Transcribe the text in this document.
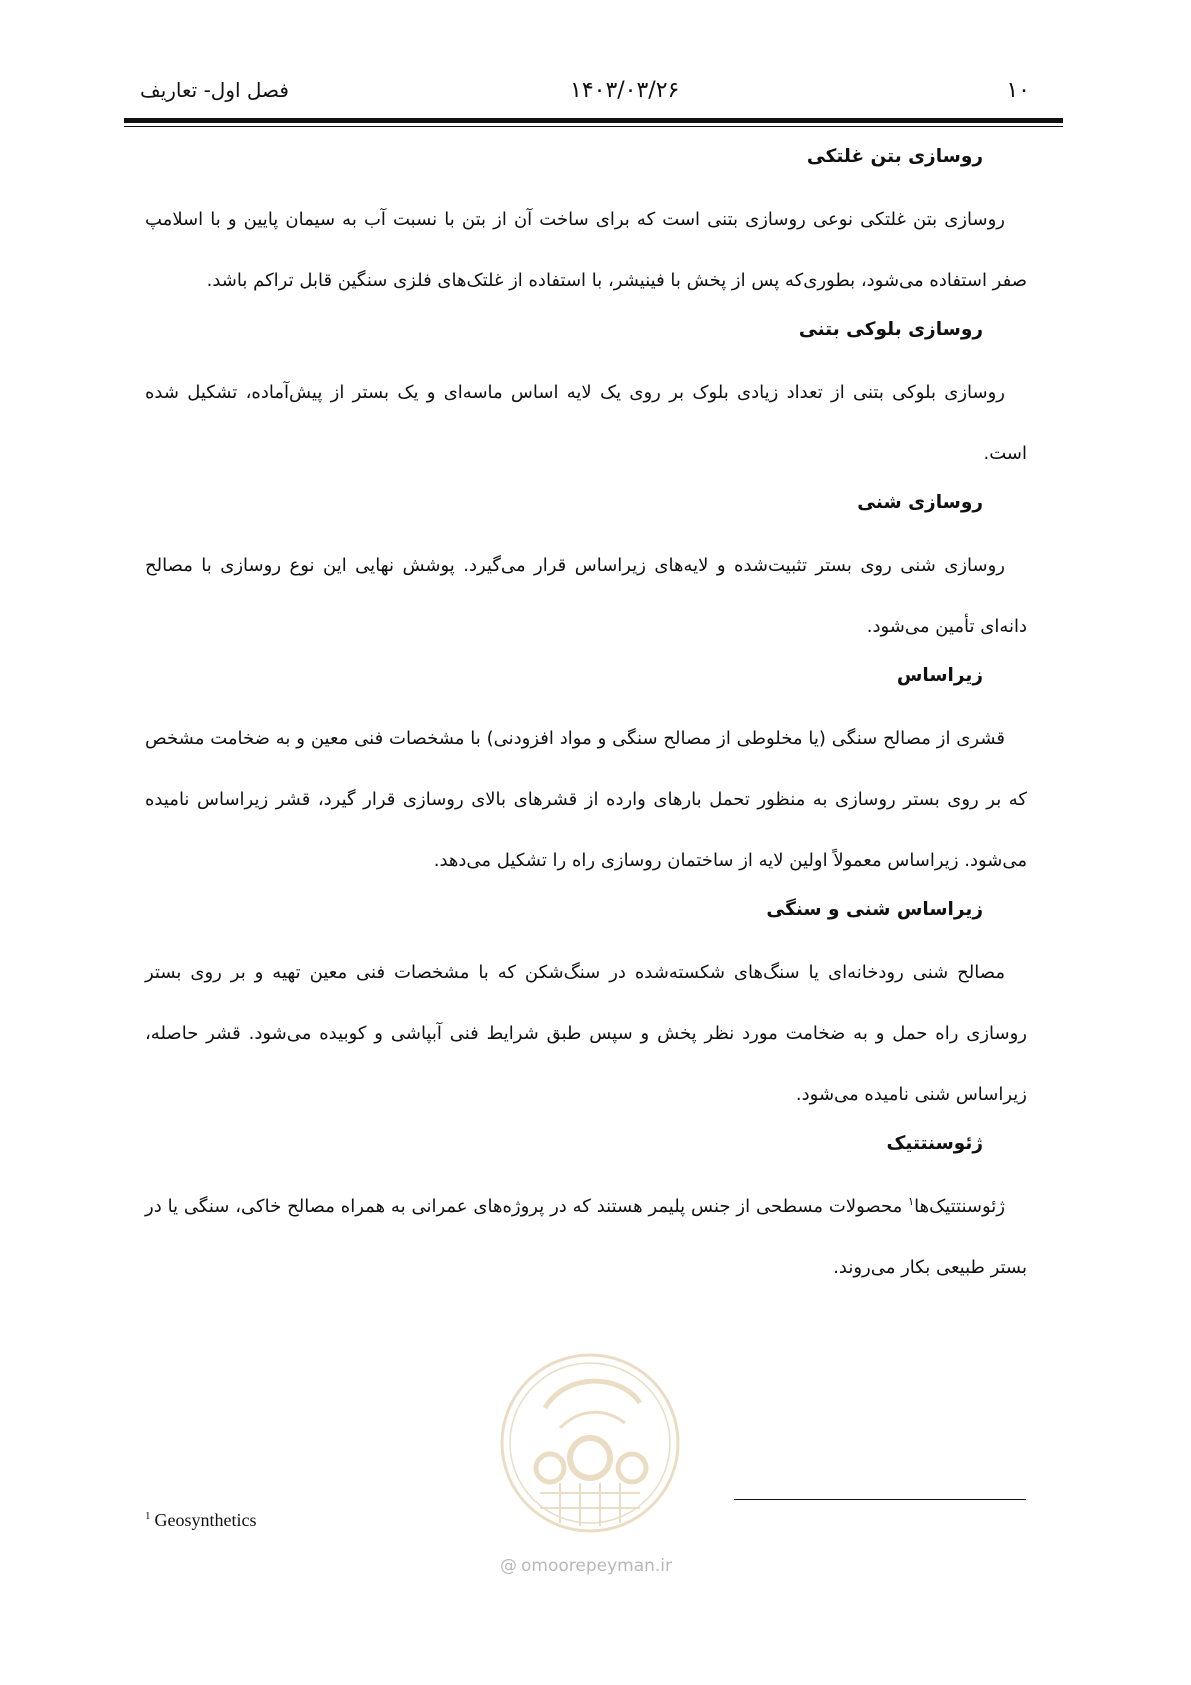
۱۰
۱۴۰۳/۰۳/۲۶
فصل اول- تعاریف
روسازی بتن غلتکی
روسازی بتن غلتکی نوعی روسازی بتنی است که برای ساخت آن از بتن با نسبت آب به سیمان پایین و با اسلامپ صفر استفاده می‌شود، بطوری‌که پس از پخش با فینیشر، با استفاده از غلتک‌های فلزی سنگین قابل تراکم باشد.
روسازی بلوکی بتنی
روسازی بلوکی بتنی از تعداد زیادی بلوک بر روی یک لایه اساس ماسه‌ای و یک بستر از پیش‌آماده، تشکیل شده است.
روسازی شنی
روسازی شنی روی بستر تثبیت‌شده و لایه‌های زیراساس قرار می‌گیرد. پوشش نهایی این نوع روسازی با مصالح دانه‌ای تأمین می‌شود.
زیراساس
قشری از مصالح سنگی (یا مخلوطی از مصالح سنگی و مواد افزودنی) با مشخصات فنی معین و به ضخامت مشخص که بر روی بستر روسازی به منظور تحمل بارهای وارده از قشرهای بالای روسازی قرار گیرد، قشر زیراساس نامیده می‌شود. زیراساس معمولاً اولین لایه از ساختمان روسازی راه را تشکیل می‌دهد.
زیراساس شنی و سنگی
مصالح شنی رودخانه‌ای یا سنگ‌های شکسته‌شده در سنگ‌شکن که با مشخصات فنی معین تهیه و بر روی بستر روسازی راه حمل و به ضخامت مورد نظر پخش و سپس طبق شرایط فنی آبپاشی و کوبیده می‌شود. قشر حاصله، زیراساس شنی نامیده می‌شود.
ژئوسنتتیک
ژئوسنتتیک‌ها$^۱$ محصولات مسطحی از جنس پلیمر هستند که در پروژه‌های عمرانی به همراه مصالح خاکی، سنگی یا در بستر طبیعی بکار می‌روند.
@ omoorepeyman.ir
$^1$ Geosynthetics
